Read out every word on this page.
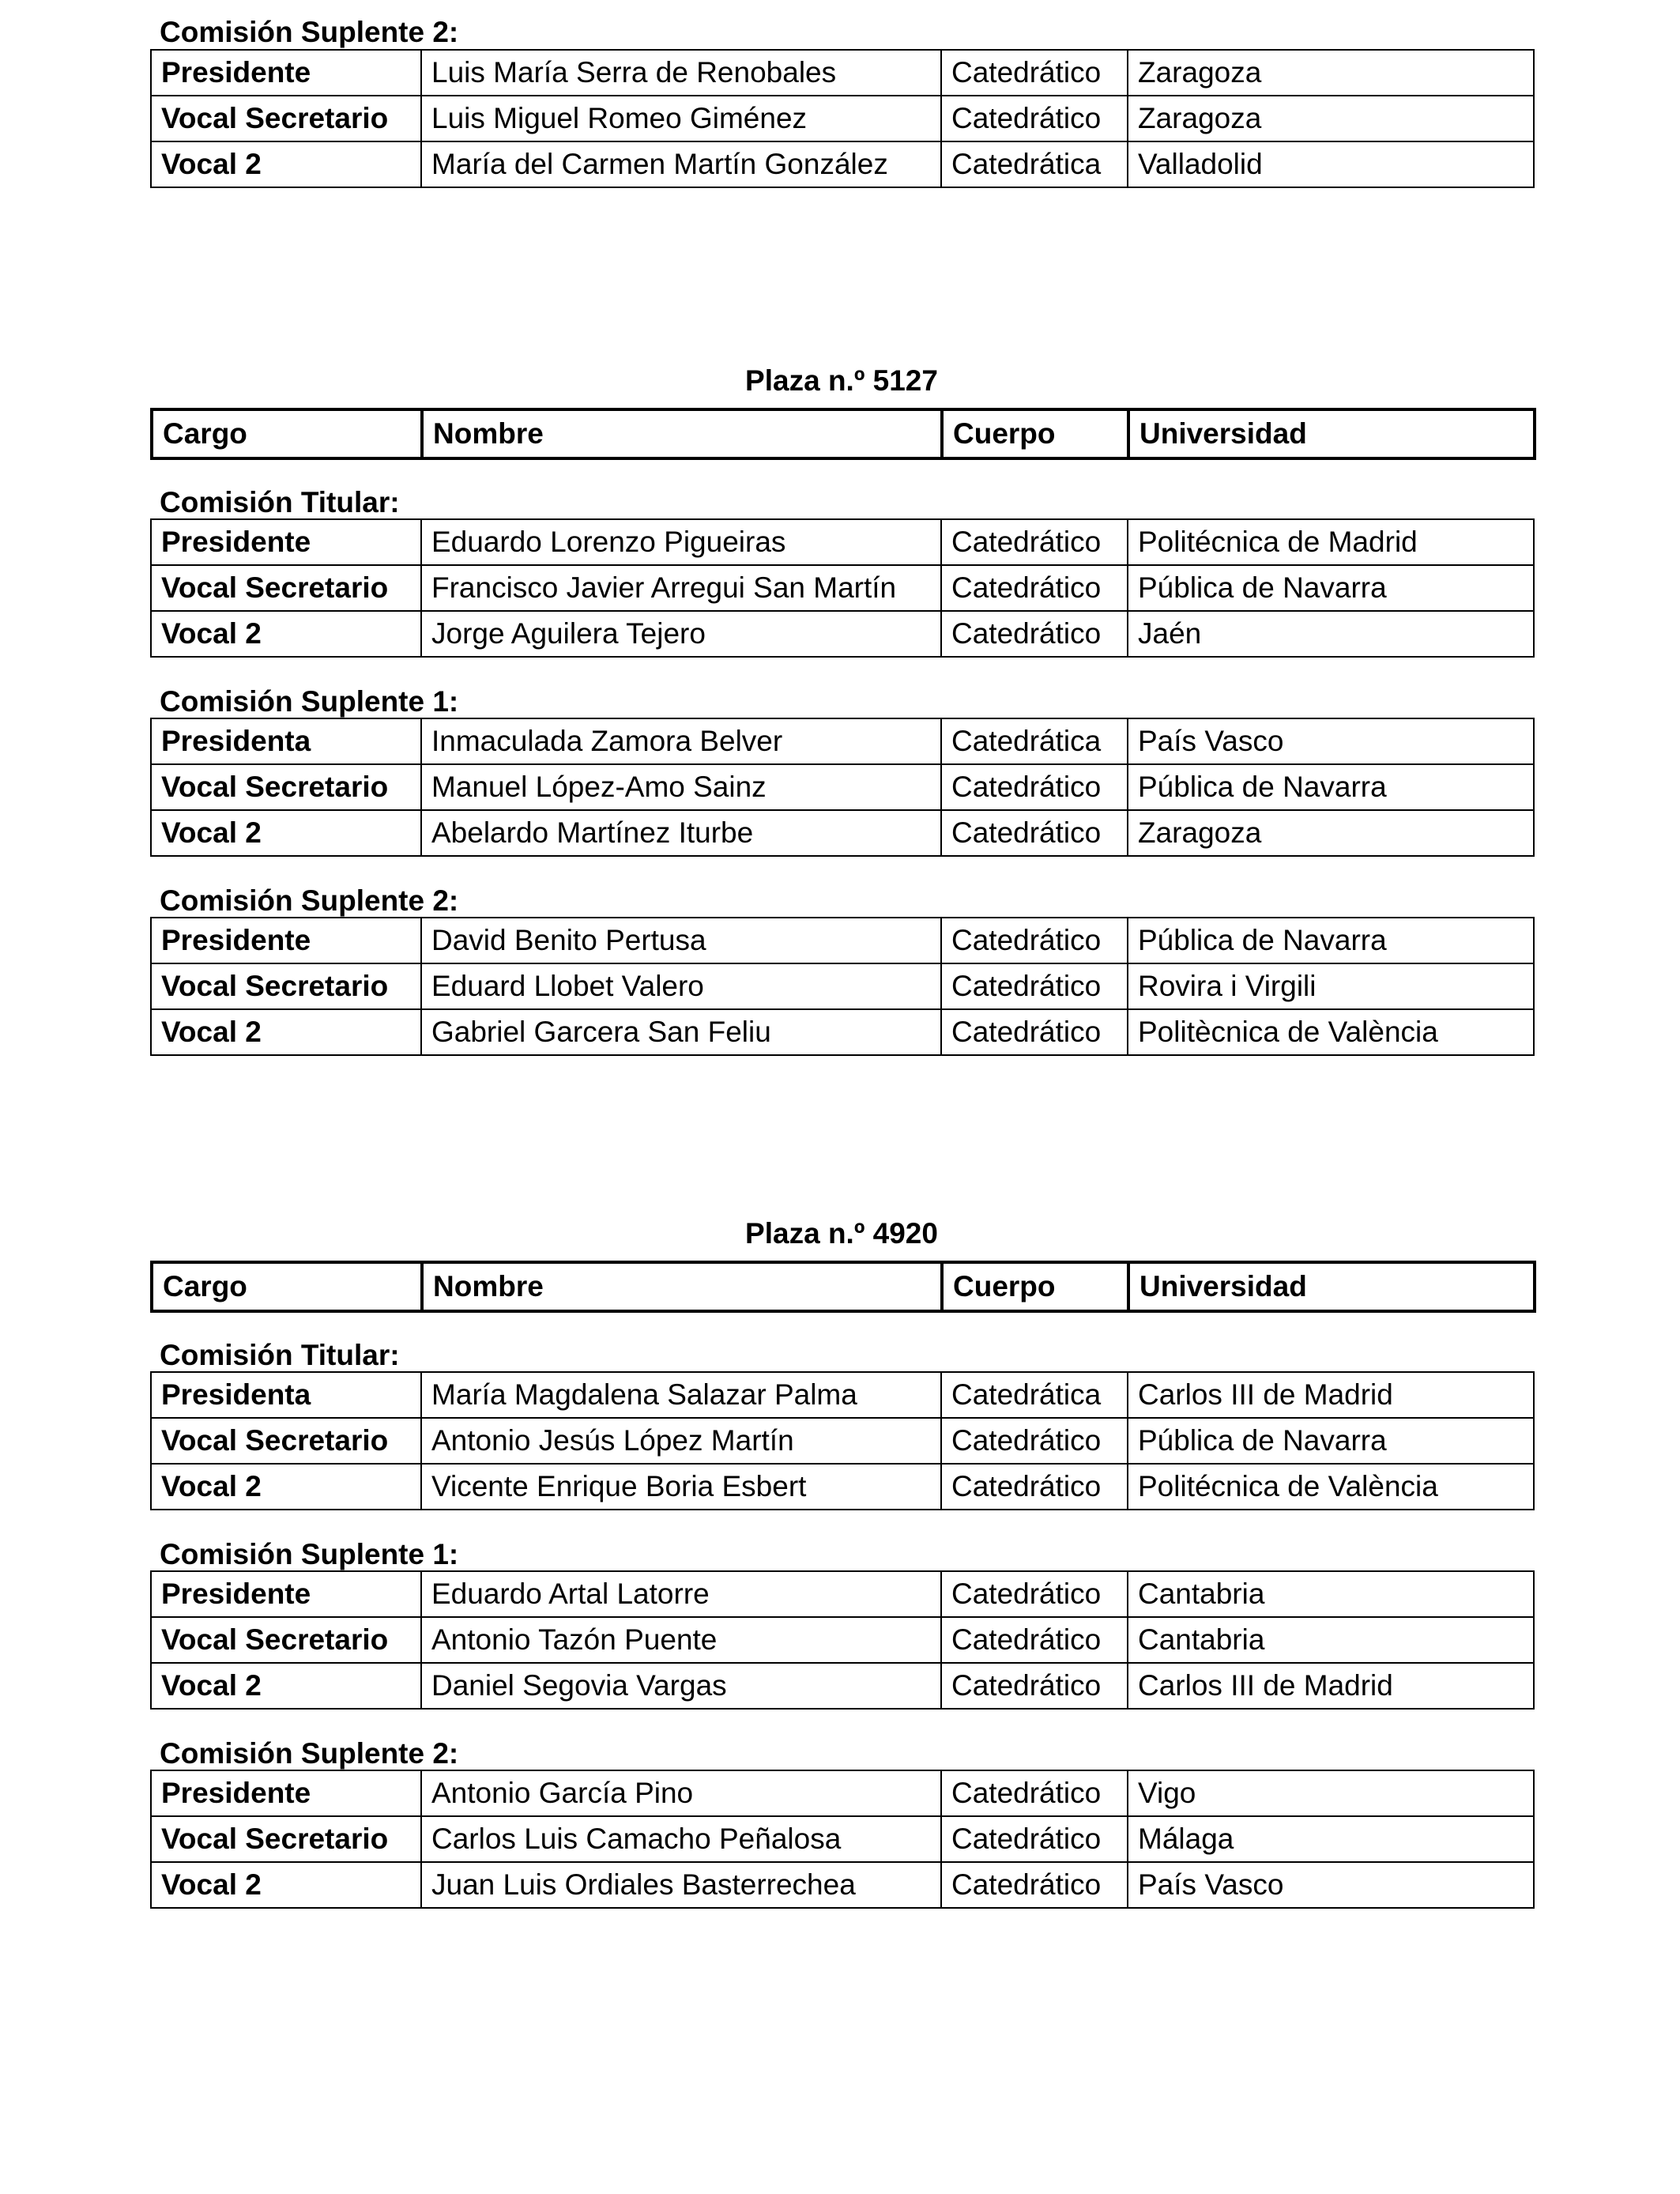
Comisión Suplente 2:
Presidente	Luis María Serra de Renobales	Catedrático	Zaragoza
Vocal Secretario	Luis Miguel Romeo Giménez	Catedrático	Zaragoza
Vocal 2	María del Carmen Martín González	Catedrática	Valladolid
Plaza n.º 5127
Cargo	Nombre	Cuerpo	Universidad
Comisión Titular:
Presidente	Eduardo Lorenzo Pigueiras	Catedrático	Politécnica de Madrid
Vocal Secretario	Francisco Javier Arregui San Martín	Catedrático	Pública de Navarra
Vocal 2	Jorge Aguilera Tejero	Catedrático	Jaén
Comisión Suplente 1:
Presidenta	Inmaculada Zamora Belver	Catedrática	País Vasco
Vocal Secretario	Manuel López-Amo Sainz	Catedrático	Pública de Navarra
Vocal 2	Abelardo Martínez Iturbe	Catedrático	Zaragoza
Comisión Suplente 2:
Presidente	David Benito Pertusa	Catedrático	Pública de Navarra
Vocal Secretario	Eduard Llobet Valero	Catedrático	Rovira i Virgili
Vocal 2	Gabriel Garcera San Feliu	Catedrático	Politècnica de València
Plaza n.º 4920
Cargo	Nombre	Cuerpo	Universidad
Comisión Titular:
Presidenta	María Magdalena Salazar Palma	Catedrática	Carlos III de Madrid
Vocal Secretario	Antonio Jesús López Martín	Catedrático	Pública de Navarra
Vocal 2	Vicente Enrique Boria Esbert	Catedrático	Politécnica de València
Comisión Suplente 1:
Presidente	Eduardo Artal Latorre	Catedrático	Cantabria
Vocal Secretario	Antonio Tazón Puente	Catedrático	Cantabria
Vocal 2	Daniel Segovia Vargas	Catedrático	Carlos III de Madrid
Comisión Suplente 2:
Presidente	Antonio García Pino	Catedrático	Vigo
Vocal Secretario	Carlos Luis Camacho Peñalosa	Catedrático	Málaga
Vocal 2	Juan Luis Ordiales Basterrechea	Catedrático	País Vasco
